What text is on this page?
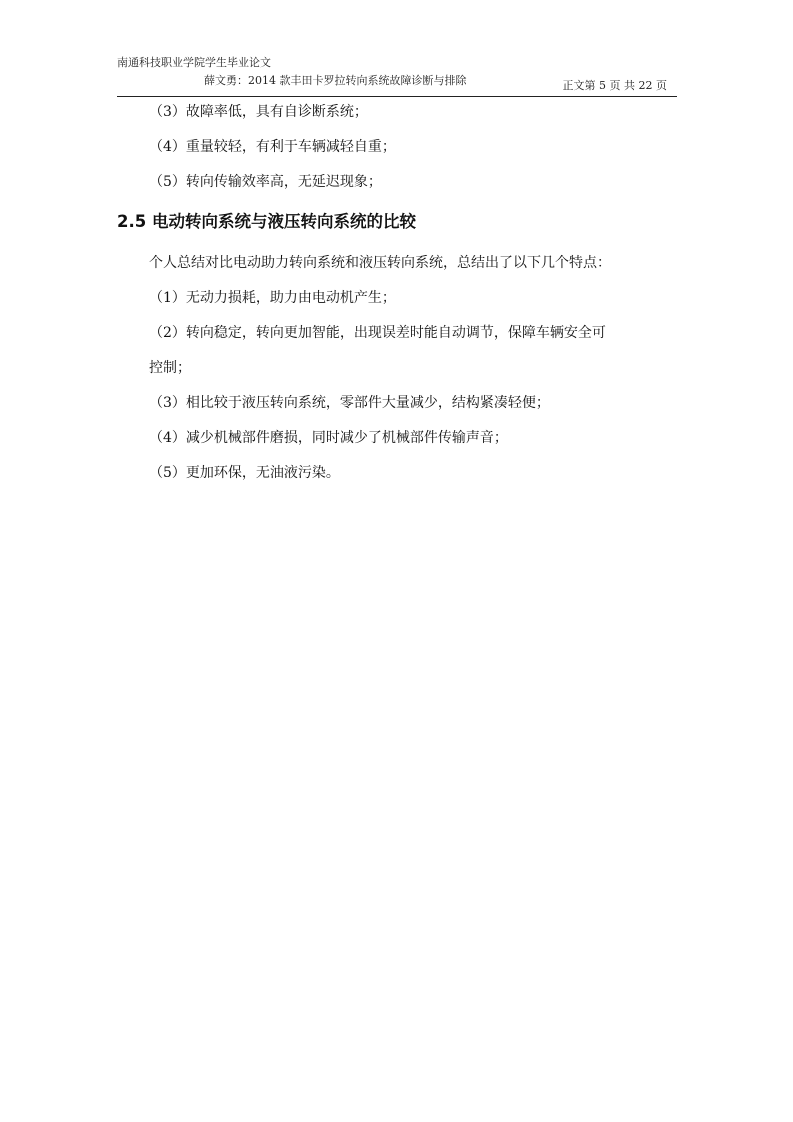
南通科技职业学院学生毕业论文
薛文勇：2014 款丰田卡罗拉转向系统故障诊断与排除	正文第 5 页 共 22 页
（3）故障率低，具有自诊断系统；
（4）重量较轻，有利于车辆减轻自重；
（5）转向传输效率高，无延迟现象；
2.5 电动转向系统与液压转向系统的比较
个人总结对比电动助力转向系统和液压转向系统，总结出了以下几个特点：
（1）无动力损耗，助力由电动机产生；
（2）转向稳定，转向更加智能，出现误差时能自动调节，保障车辆安全可
控制；
（3）相比较于液压转向系统，零部件大量减少，结构紧凑轻便；
（4）减少机械部件磨损，同时减少了机械部件传输声音；
（5）更加环保，无油液污染。
